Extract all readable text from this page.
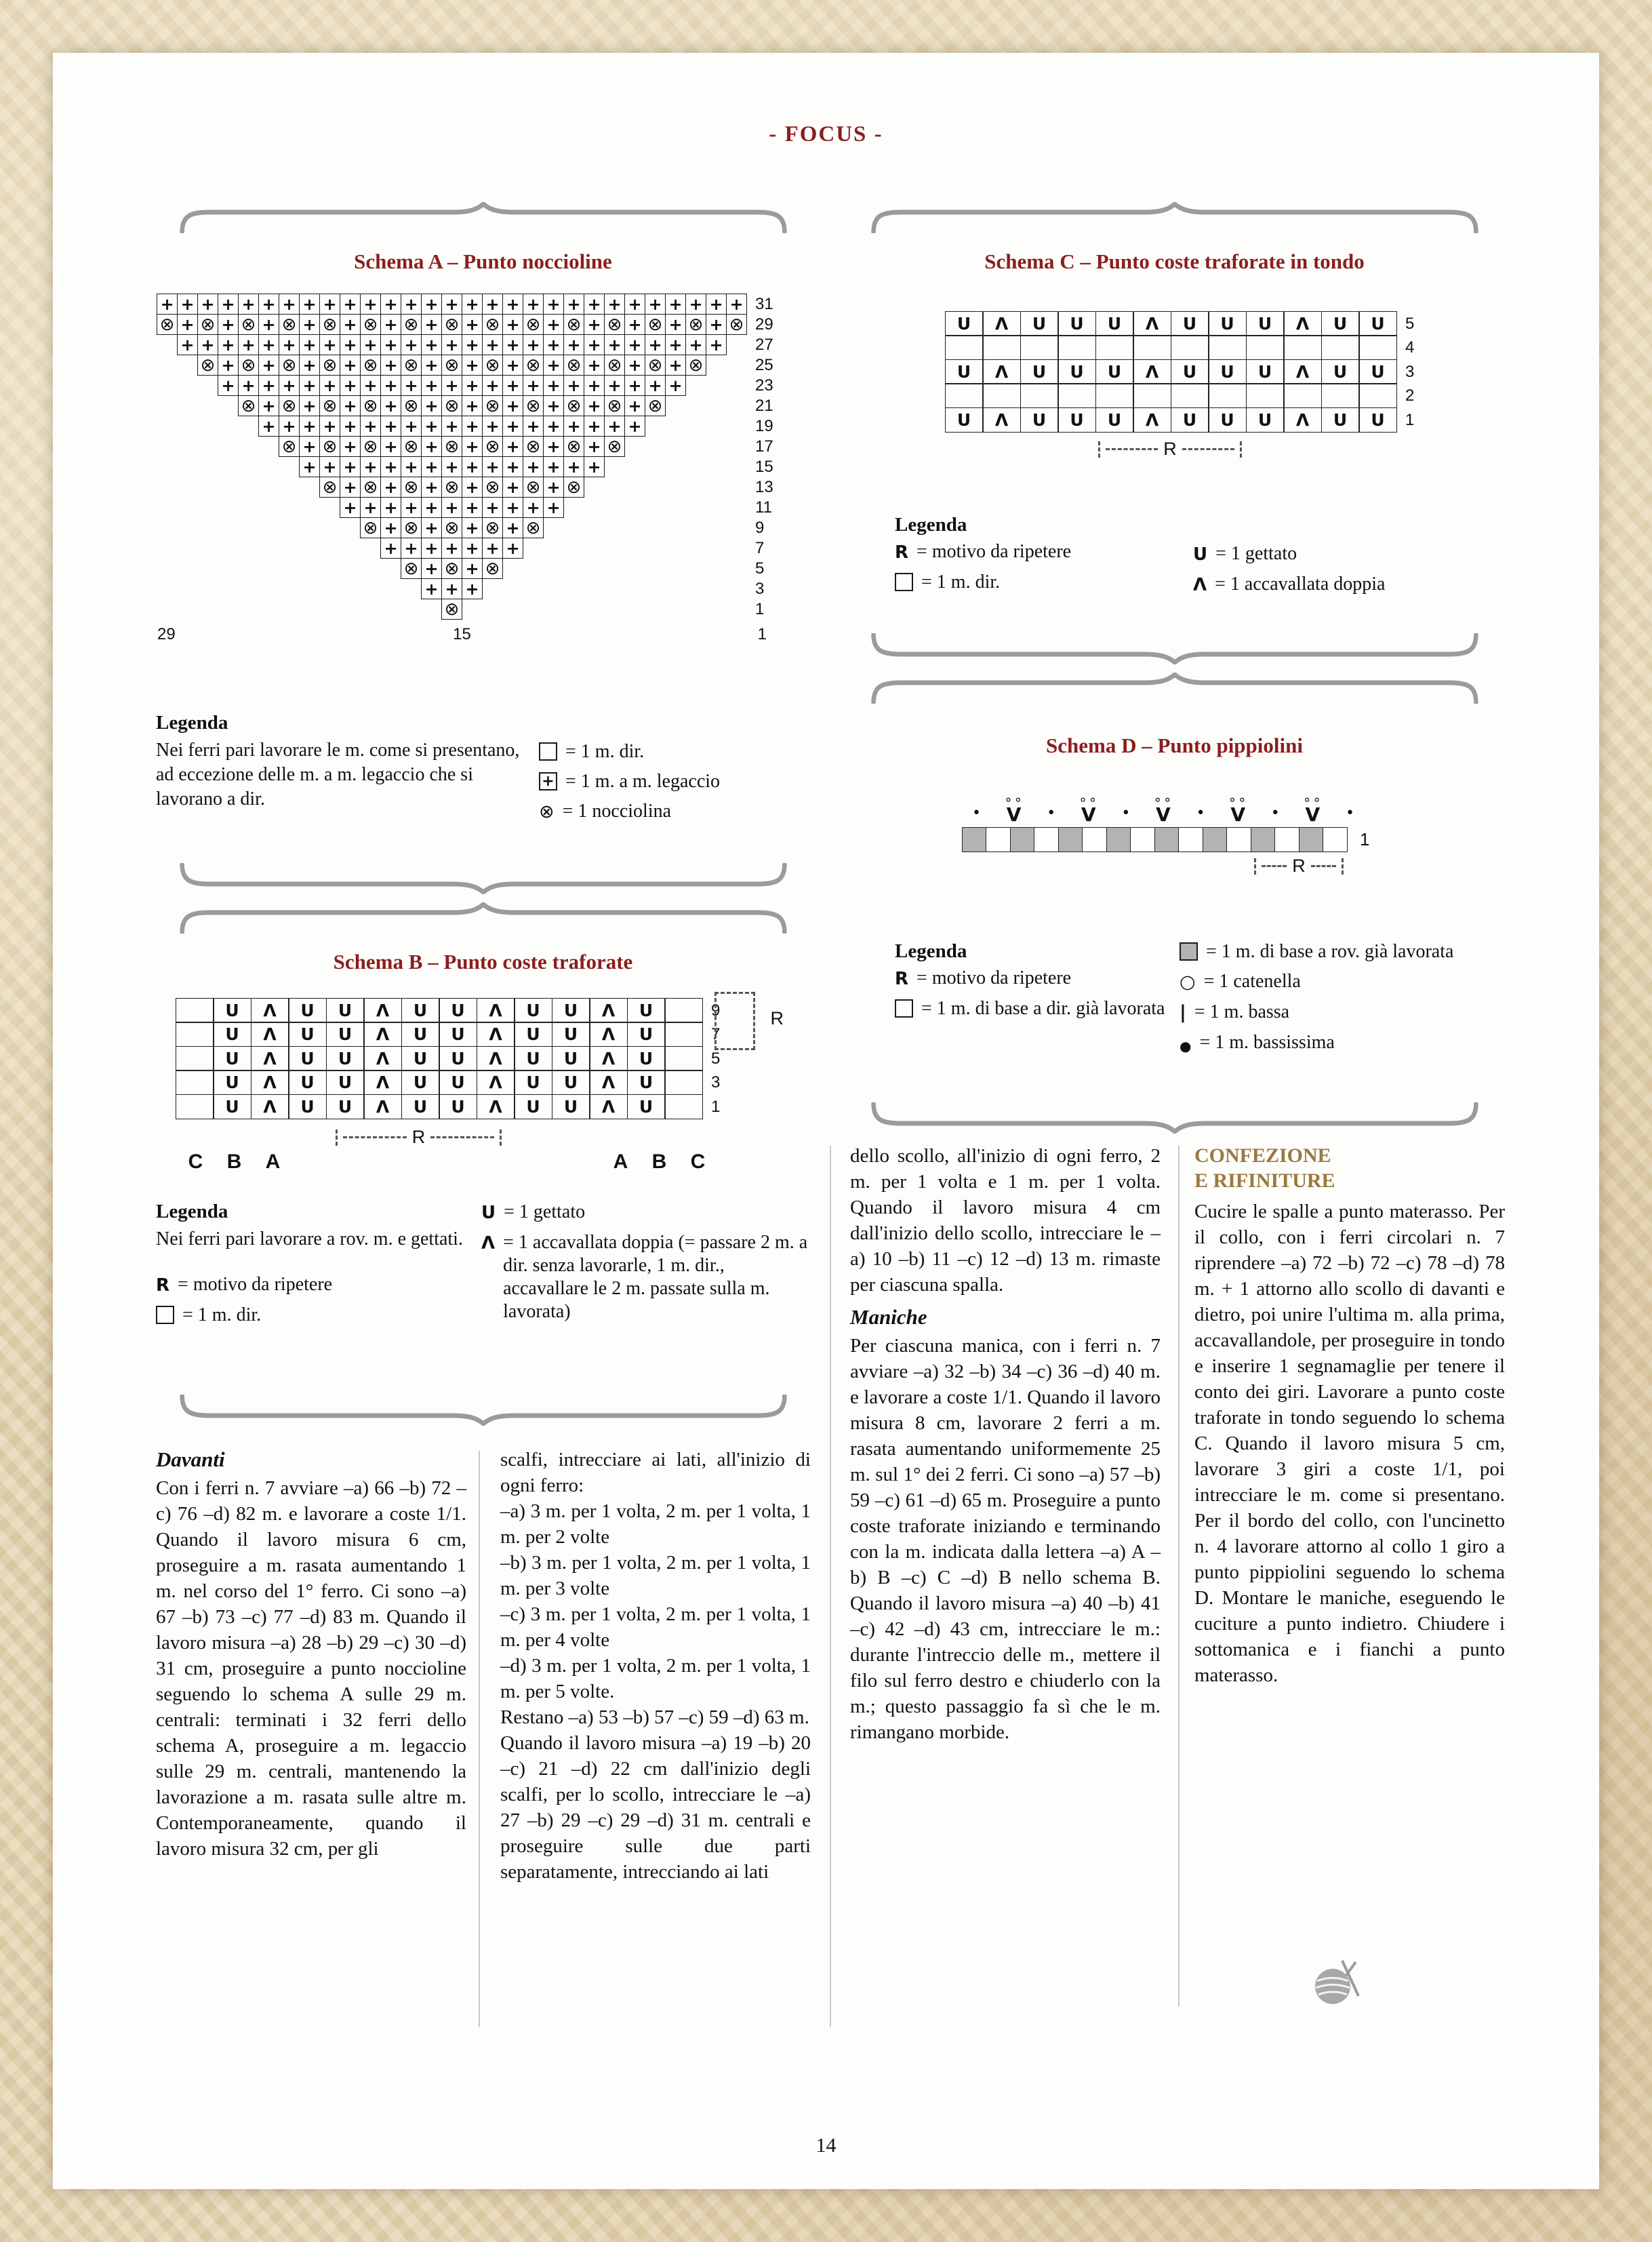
- FOCUS -
Schema A – Punto noccioline
+ + + + + + + + + + + + + + + + + + + + + + + + + + + + + 31
⊗ + ⊗ + ⊗ + ⊗ + ⊗ + ⊗ + ⊗ + ⊗ + ⊗ + ⊗ + ⊗ + ⊗ + ⊗ + ⊗ + ⊗ 29
+ + + + + + + + + + + + + + + + + + + + + + + + + + +	27
⊗ + ⊗ + ⊗ + ⊗ + ⊗ + ⊗ + ⊗ + ⊗ + ⊗ + ⊗ + ⊗ + ⊗ + ⊗	25
+ + + + + + + + + + + + + + + + + + + + + + +	23
⊗ + ⊗ + ⊗ + ⊗ + ⊗ + ⊗ + ⊗ + ⊗ + ⊗ + ⊗ + ⊗	21
+ + + + + + + + + + + + + + + + + + +	19
⊗ + ⊗ + ⊗ + ⊗ + ⊗ + ⊗ + ⊗ + ⊗ + ⊗	17
+ + + + + + + + + + + + + + +	15
⊗ + ⊗ + ⊗ + ⊗ + ⊗ + ⊗ + ⊗	13
+ + + + + + + + + + +	11
⊗ + ⊗ + ⊗ + ⊗ + ⊗	9
+ + + + + + +	7
⊗ + ⊗ + ⊗	5
+ + +	3
⊗	1
29	15	1
Legenda
Nei ferri pari lavorare le m. come si presentano, ad eccezione delle m. a m. legaccio che si lavorano a dir.
= 1 m. dir.
+ = 1 m. a m. legaccio
⊗ = 1 nocciolina
Schema B – Punto coste traforate
U	Λ	U	U	Λ	U	U	Λ	U	U	Λ	U	9
U	Λ	U	U	Λ	U	U	Λ	U	U	Λ	U	7
U	Λ	U	U	Λ	U	U	Λ	U	U	Λ	U	5
U	Λ	U	U	Λ	U	U	Λ	U	U	Λ	U	3
U	Λ	U	U	Λ	U	U	Λ	U	U	Λ	U	1
R
R
C	B	A	A	B	C
Legenda
Nei ferri pari lavorare a rov. m. e gettati.
R = motivo da ripetere
= 1 m. dir.
U = 1 gettato
Λ = 1 accavallata doppia (= passare 2 m. a dir. senza lavorarle, 1 m. dir., accavallare le 2 m. passate sulla m. lavorata)
Schema C – Punto coste traforate in tondo
U	Λ	U	U	U	Λ	U	U	U	Λ	U	U	5
4
U	Λ	U	U	U	Λ	U	U	U	Λ	U	U	3
2
U	Λ	U	U	U	Λ	U	U	U	Λ	U	U	1
R
Legenda
R = motivo da ripetere
= 1 m. dir.
U = 1 gettato
Λ = 1 accavallata doppia
Schema D – Punto pippiolini
•
∘∘
V •
∘∘
V •
∘∘
V •
∘∘
V •
∘∘
V •
1
R
Legenda
R = motivo da ripetere
= 1 m. di base a dir. già lavorata
= 1 m. di base a rov. già lavorata
○ = 1 catenella
| = 1 m. bassa
● = 1 m. bassissima
Davanti
Con i ferri n. 7 avviare –a) 66 –b) 72 –c) 76 –d) 82 m. e lavorare a coste 1/1. Quando il lavoro misura 6 cm, proseguire a m. rasata aumentando 1 m. nel corso del 1° ferro. Ci sono –a) 67 –b) 73 –c) 77 –d) 83 m. Quando il lavoro misura –a) 28 –b) 29 –c) 30 –d) 31 cm, proseguire a punto noccioline seguendo lo schema A sulle 29 m. centrali: terminati i 32 ferri dello schema A, proseguire a m. legaccio sulle 29 m. centrali, mantenendo la lavorazione a m. rasata sulle altre m. Contemporaneamente, quando il lavoro misura 32 cm, per gli
scalfi, intrecciare ai lati, all'inizio di ogni ferro:
–a) 3 m. per 1 volta, 2 m. per 1 volta, 1 m. per 2 volte
–b) 3 m. per 1 volta, 2 m. per 1 volta, 1 m. per 3 volte
–c) 3 m. per 1 volta, 2 m. per 1 volta, 1 m. per 4 volte
–d) 3 m. per 1 volta, 2 m. per 1 volta, 1 m. per 5 volte.
Restano –a) 53 –b) 57 –c) 59 –d) 63 m.
Quando il lavoro misura –a) 19 –b) 20 –c) 21 –d) 22 cm dall'inizio degli scalfi, per lo scollo, intrecciare le –a) 27 –b) 29 –c) 29 –d) 31 m. centrali e proseguire sulle due parti separatamente, intrecciando ai lati
dello scollo, all'inizio di ogni ferro, 2 m. per 1 volta e 1 m. per 1 volta. Quando il lavoro misura 4 cm dall'inizio dello scollo, intrecciare le –a) 10 –b) 11 –c) 12 –d) 13 m. rimaste per ciascuna spalla.
Maniche
Per ciascuna manica, con i ferri n. 7 avviare –a) 32 –b) 34 –c) 36 –d) 40 m. e lavorare a coste 1/1. Quando il lavoro misura 8 cm, lavorare 2 ferri a m. rasata aumentando uniformemente 25 m. sul 1° dei 2 ferri. Ci sono –a) 57 –b) 59 –c) 61 –d) 65 m. Proseguire a punto coste traforate iniziando e terminando con la m. indicata dalla lettera –a) A –b) B –c) C –d) B nello schema B. Quando il lavoro misura –a) 40 –b) 41 –c) 42 –d) 43 cm, intrecciare le m.: durante l'intreccio delle m., mettere il filo sul ferro destro e chiuderlo con la m.; questo passaggio fa sì che le m. rimangano morbide.
CONFEZIONE
E RIFINITURE
Cucire le spalle a punto materasso. Per il collo, con i ferri circolari n. 7 riprendere –a) 72 –b) 72 –c) 78 –d) 78 m. + 1 attorno allo scollo di davanti e dietro, poi unire l'ultima m. alla prima, accavallandole, per proseguire in tondo e inserire 1 segnamaglie per tenere il conto dei giri. Lavorare a punto coste traforate in tondo seguendo lo schema C. Quando il lavoro misura 5 cm, lavorare 3 giri a coste 1/1, poi intrecciare le m. come si presentano. Per il bordo del collo, con l'uncinetto n. 4 lavorare attorno al collo 1 giro a punto pippiolini seguendo lo schema D. Montare le maniche, eseguendo le cuciture a punto indietro. Chiudere i sottomanica e i fianchi a punto materasso.
14
